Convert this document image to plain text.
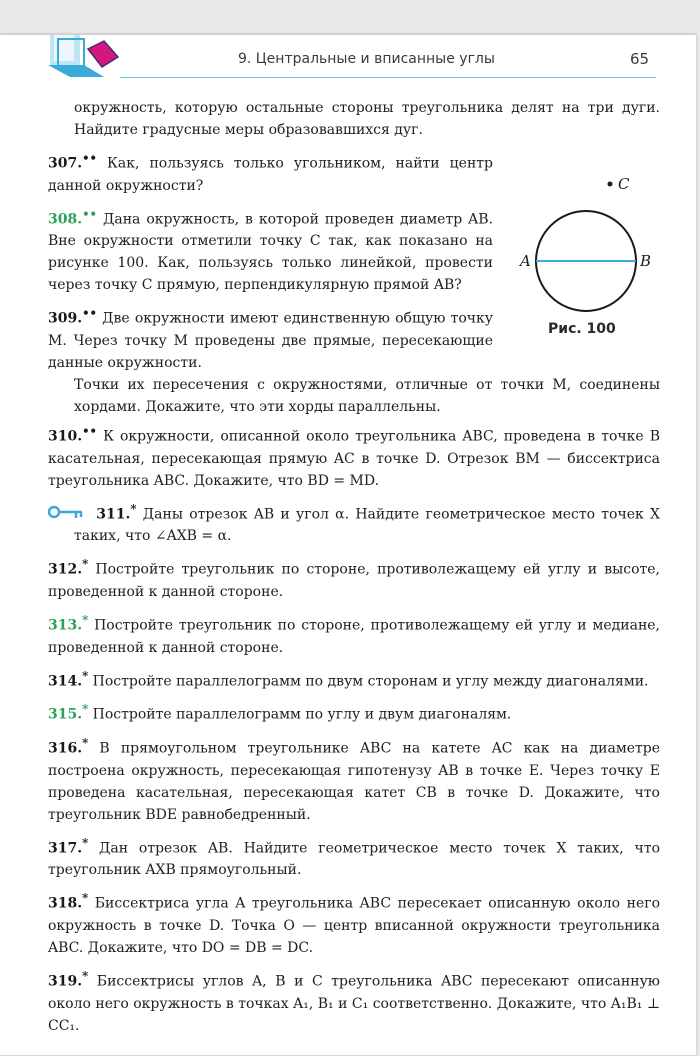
9. Центральные и вписанные углы	65
C
A	B
Рис. 100

окружность, которую остальные стороны треугольника делят на три дуги. Найдите градусные меры образовавшихся дуг.

307.•• Как, пользуясь только угольником, найти центр данной окружности?

308.•• Дана окружность, в которой проведен диаметр AB. Вне окружности отметили точку C так, как показано на рисунке 100. Как, пользуясь только линейкой, провести через точку C прямую, перпендикулярную прямой AB?

309.•• Две окружности имеют единственную общую точку M. Через точку M проведены две прямые, пересекающие данные окружности.
Точки их пересечения с окружностями, отличные от точки M, соединены хордами. Докажите, что эти хорды параллельны.

310.•• К окружности, описанной около треугольника ABC, проведена в точке B касательная, пересекающая прямую AC в точке D. Отрезок BM — биссектриса треугольника ABC. Докажите, что BD = MD.

311.* Даны отрезок AB и угол α. Найдите геометрическое место точек X таких, что ∠AXB = α.

312.* Постройте треугольник по стороне, противолежащему ей углу и высоте, проведенной к данной стороне.

313.* Постройте треугольник по стороне, противолежащему ей углу и медиане, проведенной к данной стороне.

314.* Постройте параллелограмм по двум сторонам и углу между диагоналями.

315.* Постройте параллелограмм по углу и двум диагоналям.

316.* В прямоугольном треугольнике ABC на катете AC как на диаметре построена окружность, пересекающая гипотенузу AB в точке E. Через точку E проведена касательная, пересекающая катет CB в точке D. Докажите, что треугольник BDE равнобедренный.

317.* Дан отрезок AB. Найдите геометрическое место точек X таких, что треугольник AXB прямоугольный.

318.* Биссектриса угла A треугольника ABC пересекает описанную около него окружность в точке D. Точка O — центр вписанной окружности треугольника ABC. Докажите, что DO = DB = DC.

319.* Биссектрисы углов A, B и C треугольника ABC пересекают описанную около него окружность в точках A₁, B₁ и C₁ соответственно. Докажите, что A₁B₁ ⊥ CC₁.
